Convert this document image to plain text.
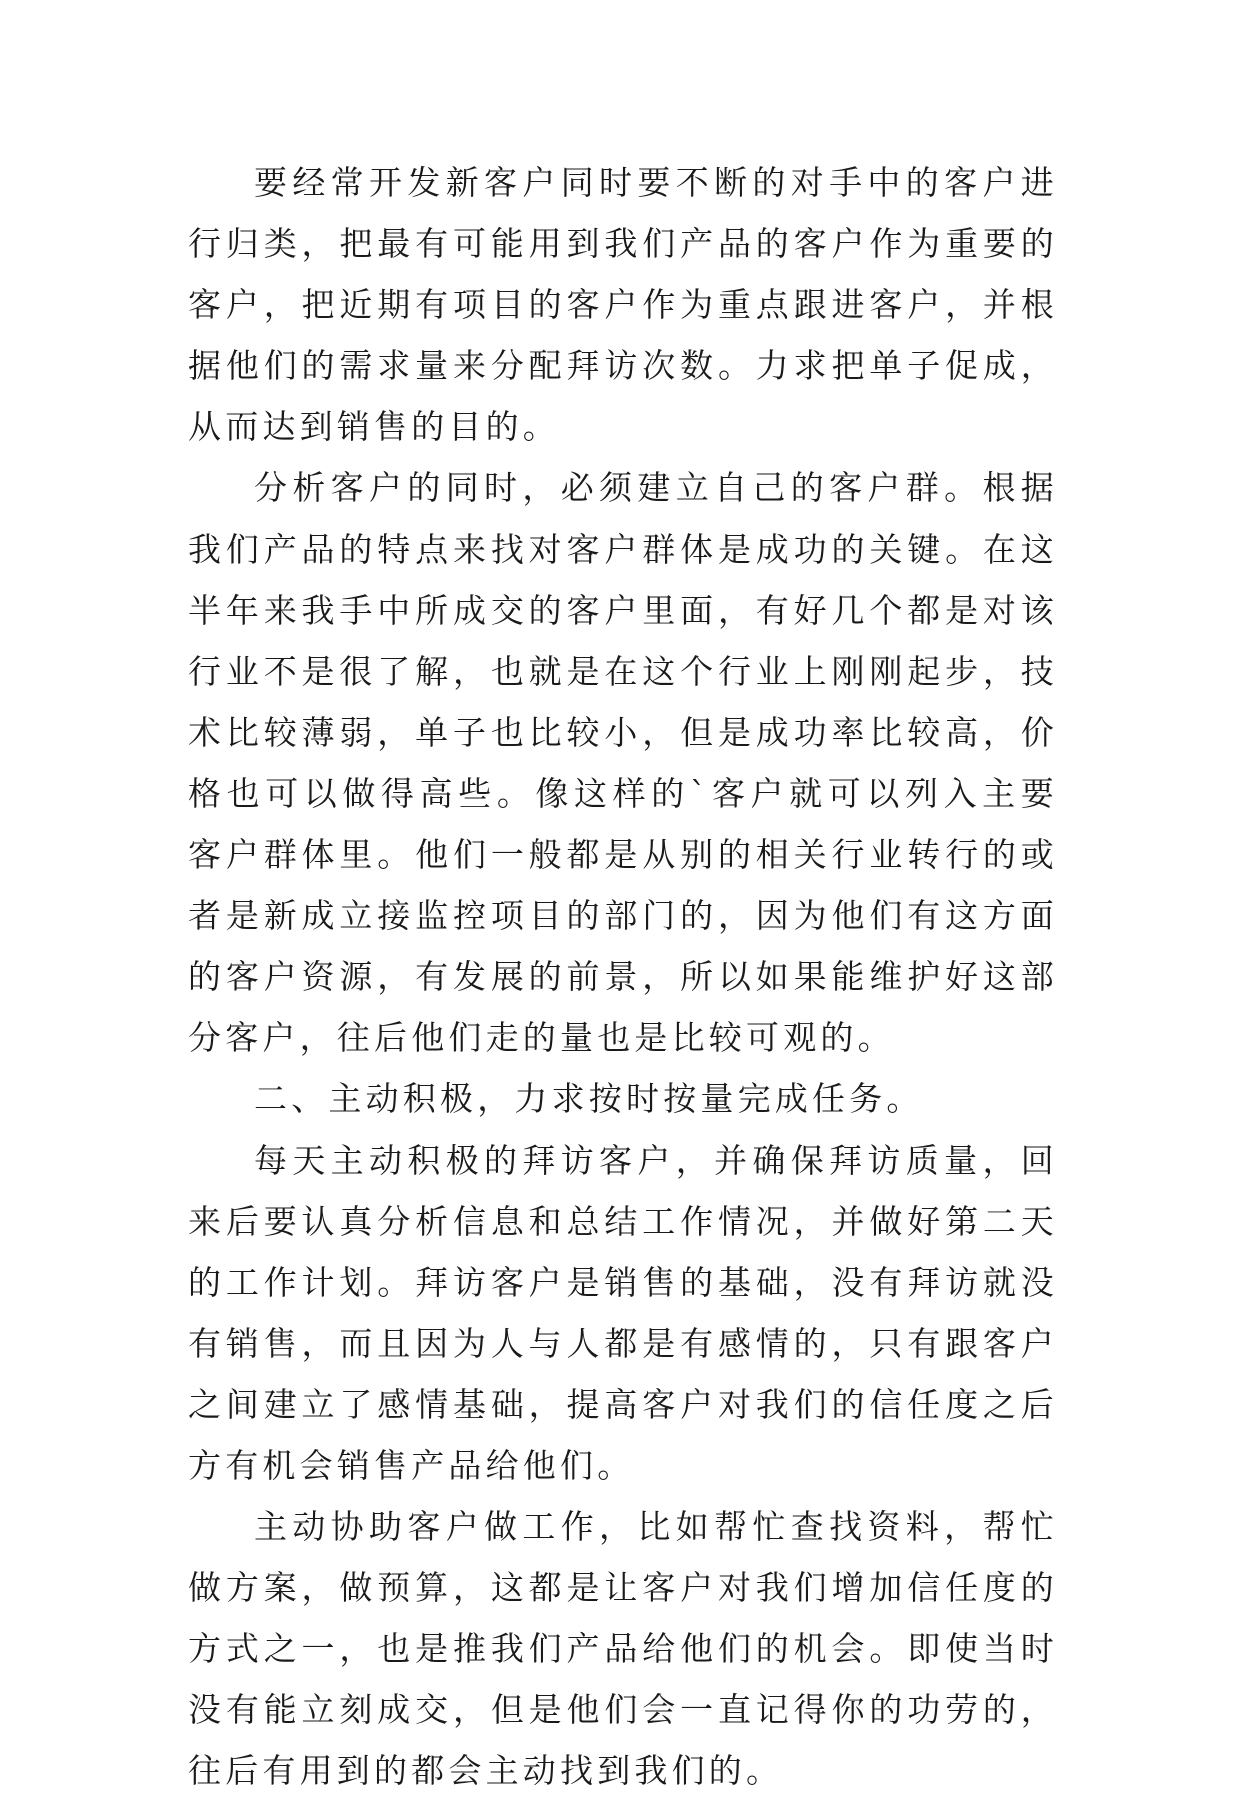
要经常开发新客户同时要不断的对手中的客户进行归类，把最有可能用到我们产品的客户作为重要的客户，把近期有项目的客户作为重点跟进客户，并根据他们的需求量来分配拜访次数。力求把单子促成，从而达到销售的目的。

分析客户的同时，必须建立自己的客户群。根据我们产品的特点来找对客户群体是成功的关键。在这半年来我手中所成交的客户里面，有好几个都是对该行业不是很了解，也就是在这个行业上刚刚起步，技术比较薄弱，单子也比较小，但是成功率比较高，价格也可以做得高些。像这样的`客户就可以列入主要客户群体里。他们一般都是从别的相关行业转行的或者是新成立接监控项目的部门的，因为他们有这方面的客户资源，有发展的前景，所以如果能维护好这部分客户，往后他们走的量也是比较可观的。

二、主动积极，力求按时按量完成任务。

每天主动积极的拜访客户，并确保拜访质量，回来后要认真分析信息和总结工作情况，并做好第二天的工作计划。拜访客户是销售的基础，没有拜访就没有销售，而且因为人与人都是有感情的，只有跟客户之间建立了感情基础，提高客户对我们的信任度之后方有机会销售产品给他们。

主动协助客户做工作，比如帮忙查找资料，帮忙做方案，做预算，这都是让客户对我们增加信任度的方式之一，也是推我们产品给他们的机会。即使当时没有能立刻成交，但是他们会一直记得你的功劳的，往后有用到的都会主动找到我们的。
